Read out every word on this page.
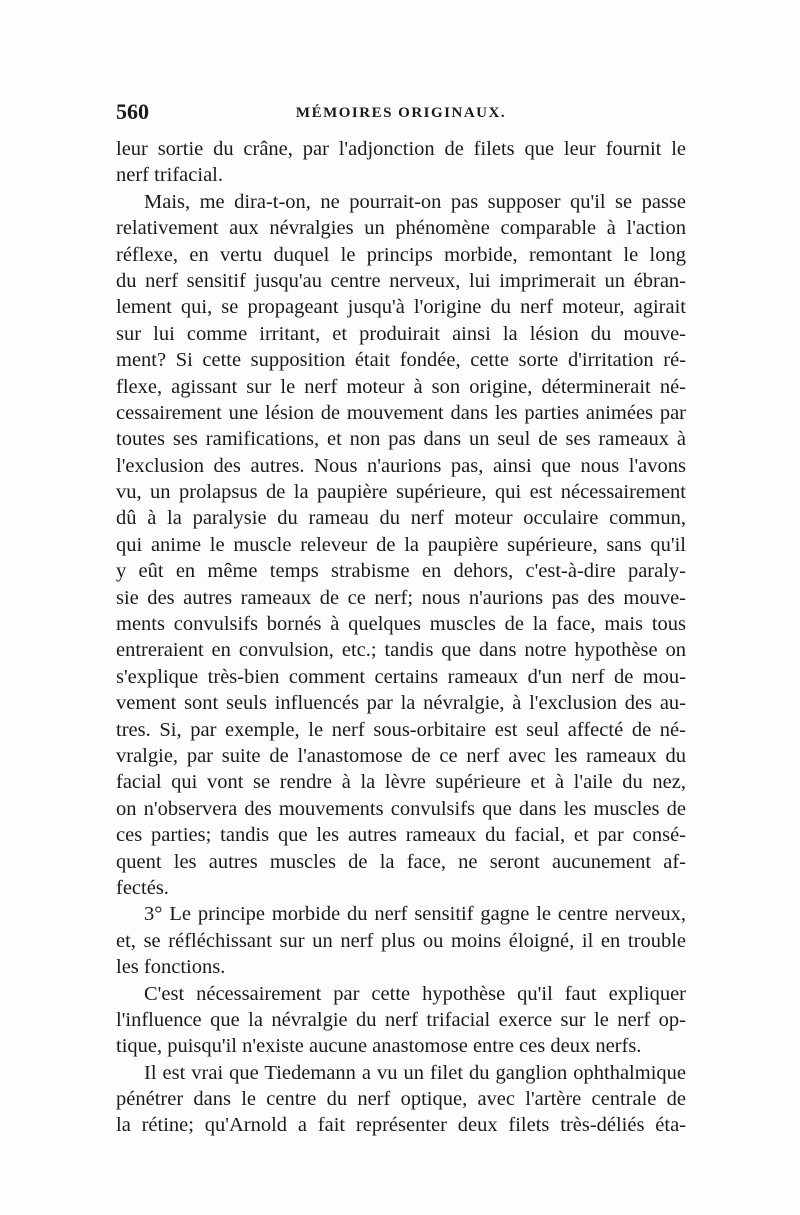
560	MÉMOIRES ORIGINAUX.
leur sortie du crâne, par l'adjonction de filets que leur fournit le
nerf trifacial.
Mais, me dira-t-on, ne pourrait-on pas supposer qu'il se passe
relativement aux névralgies un phénomène comparable à l'action
réflexe, en vertu duquel le princips morbide, remontant le long
du nerf sensitif jusqu'au centre nerveux, lui imprimerait un ébran-
lement qui, se propageant jusqu'à l'origine du nerf moteur, agirait
sur lui comme irritant, et produirait ainsi la lésion du mouve-
ment? Si cette supposition était fondée, cette sorte d'irritation ré-
flexe, agissant sur le nerf moteur à son origine, déterminerait né-
cessairement une lésion de mouvement dans les parties animées par
toutes ses ramifications, et non pas dans un seul de ses rameaux à
l'exclusion des autres. Nous n'aurions pas, ainsi que nous l'avons
vu, un prolapsus de la paupière supérieure, qui est nécessairement
dû à la paralysie du rameau du nerf moteur occulaire commun,
qui anime le muscle releveur de la paupière supérieure, sans qu'il
y eût en même temps strabisme en dehors, c'est-à-dire paraly-
sie des autres rameaux de ce nerf; nous n'aurions pas des mouve-
ments convulsifs bornés à quelques muscles de la face, mais tous
entreraient en convulsion, etc.; tandis que dans notre hypothèse on
s'explique très-bien comment certains rameaux d'un nerf de mou-
vement sont seuls influencés par la névralgie, à l'exclusion des au-
tres. Si, par exemple, le nerf sous-orbitaire est seul affecté de né-
vralgie, par suite de l'anastomose de ce nerf avec les rameaux du
facial qui vont se rendre à la lèvre supérieure et à l'aile du nez,
on n'observera des mouvements convulsifs que dans les muscles de
ces parties; tandis que les autres rameaux du facial, et par consé-
quent les autres muscles de la face, ne seront aucunement af-
fectés.
3° Le principe morbide du nerf sensitif gagne le centre nerveux,
et, se réfléchissant sur un nerf plus ou moins éloigné, il en trouble
les fonctions.
C'est nécessairement par cette hypothèse qu'il faut expliquer
l'influence que la névralgie du nerf trifacial exerce sur le nerf op-
tique, puisqu'il n'existe aucune anastomose entre ces deux nerfs.
Il est vrai que Tiedemann a vu un filet du ganglion ophthalmique
pénétrer dans le centre du nerf optique, avec l'artère centrale de
la rétine; qu'Arnold a fait représenter deux filets très-déliés éta-
